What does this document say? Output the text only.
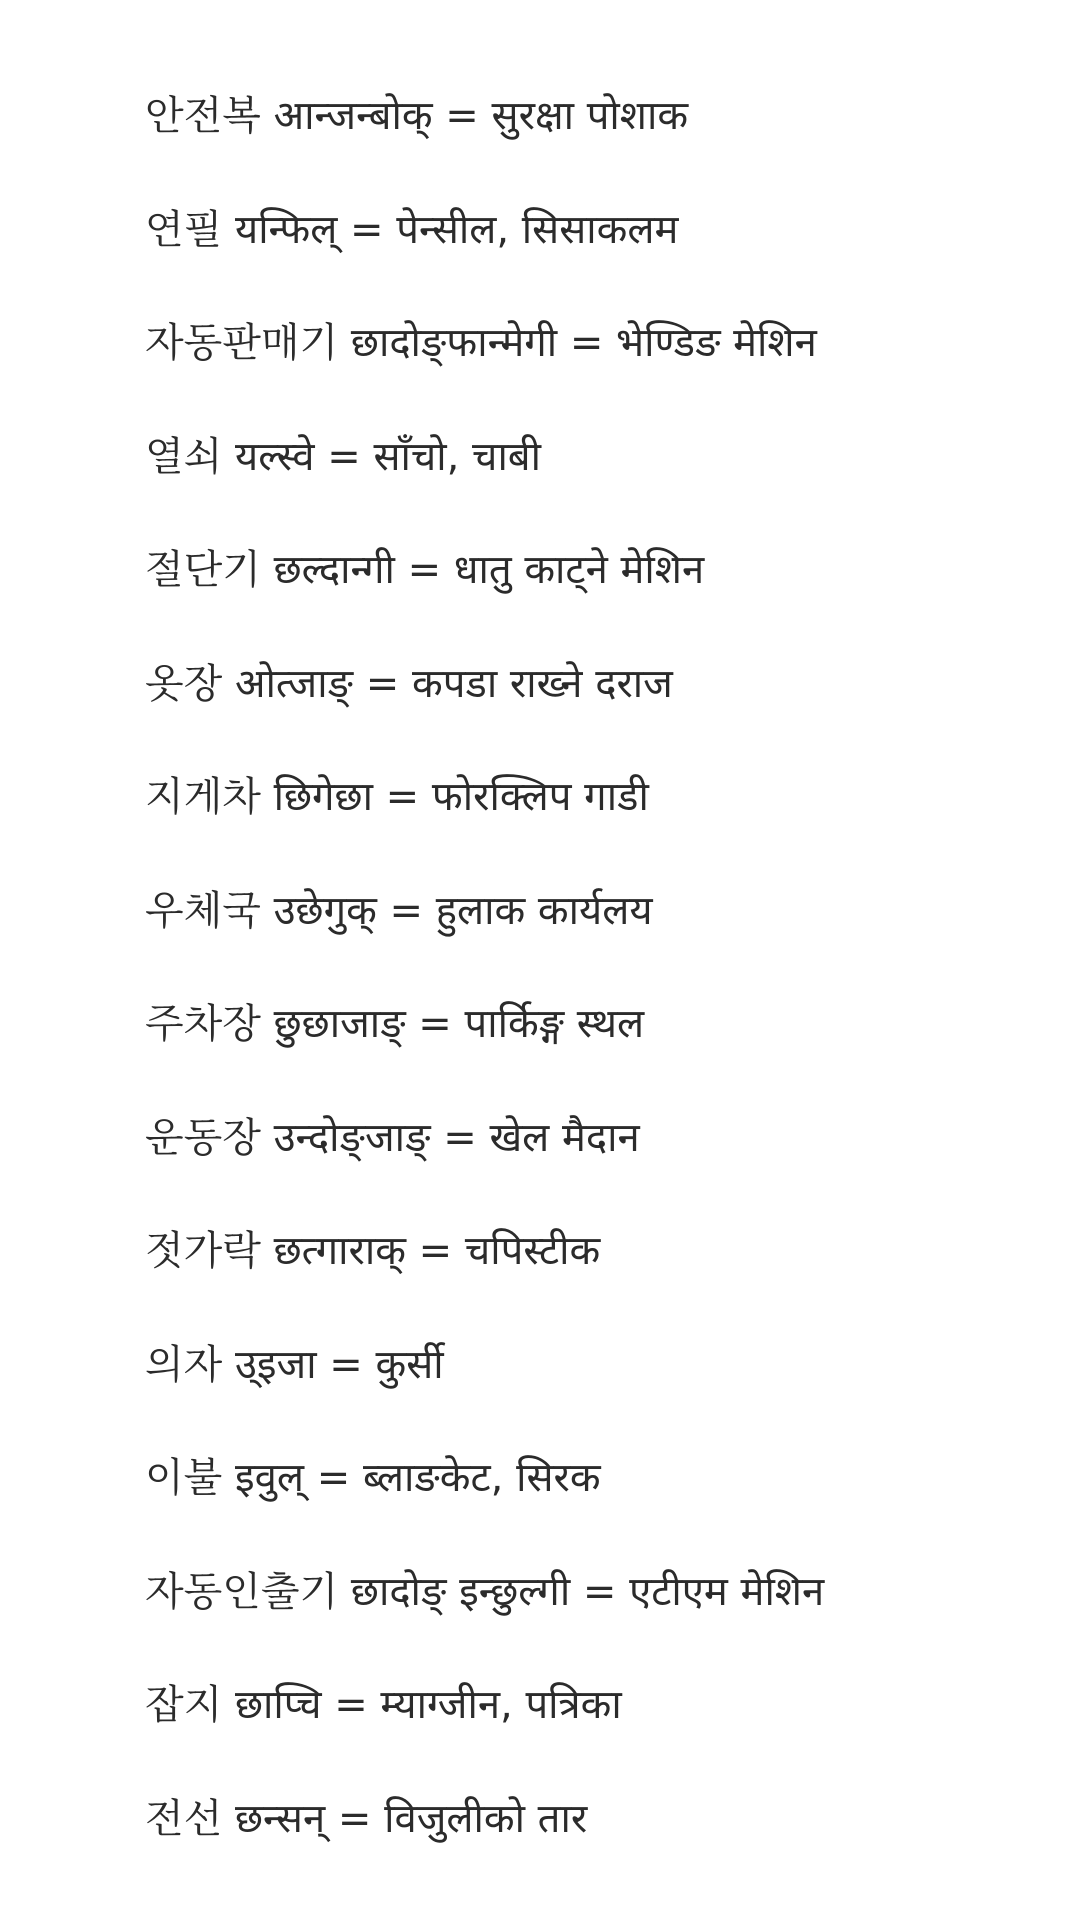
안전복 आन्जन्बोक् = सुरक्षा पोशाक
연필 यन्फिल् = पेन्सील, सिसाकलम
자동판매기 छादोङ्फान्मेगी = भेण्डिङ मेशिन
열쇠 यल्स्वे = साँचो, चाबी
절단기 छल्दान्गी = धातु काट्ने मेशिन
옷장 ओत्जाङ् = कपडा राख्ने दराज
지게차 छिगेछा = फोरक्लिप गाडी
우체국 उछेगुक् = हुलाक कार्यलय
주차장 छुछाजाङ् = पार्किङ्ग स्थल
운동장 उन्दोङ्जाङ् = खेल मैदान
젓가락 छत्गाराक् = चपिस्टीक
의자 उ्इजा = कुर्सी
이불 इवुल् = ब्लाङकेट, सिरक
자동인출기 छादोङ् इन्छुल्गी = एटीएम मेशिन
잡지 छाप्चि = म्याग्जीन, पत्रिका
전선 छन्सन् = विजुलीको तार
